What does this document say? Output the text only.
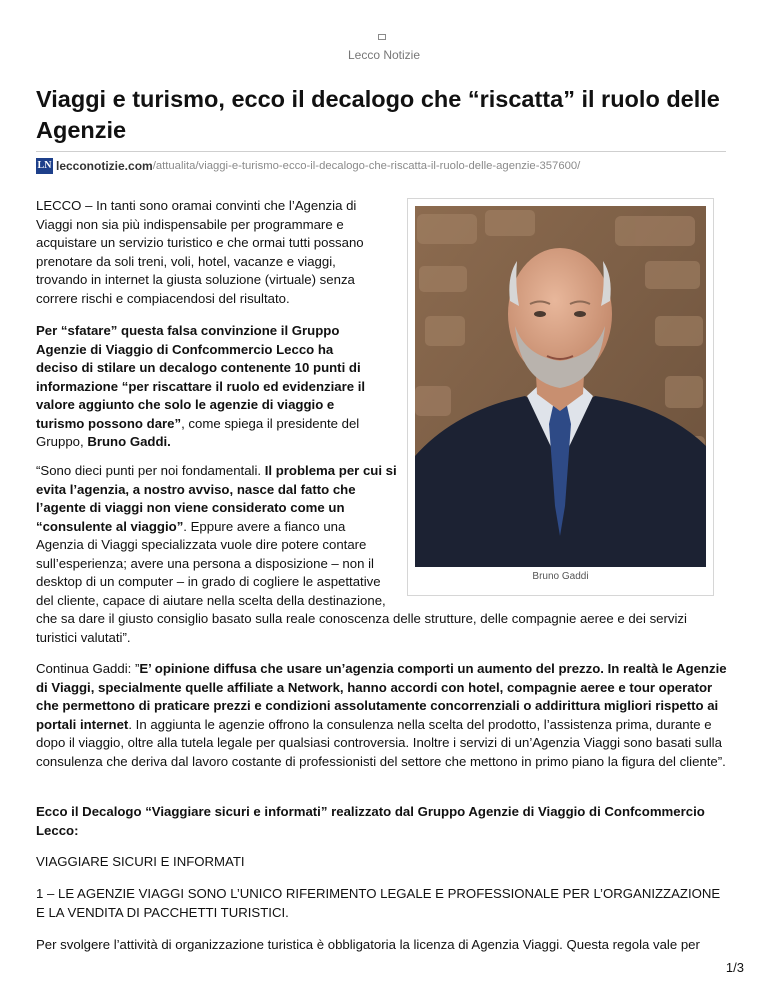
Lecco Notizie
Viaggi e turismo, ecco il decalogo che “riscatta” il ruolo delle Agenzie
LN lecconotizie.com/attualita/viaggi-e-turismo-ecco-il-decalogo-che-riscatta-il-ruolo-delle-agenzie-357600/
Bruno Gaddi

LECCO – In tanti sono oramai convinti che l’Agenzia di Viaggi non sia più indispensabile per programmare e acquistare un servizio turistico e che ormai tutti possano prenotare da soli treni, voli, hotel, vacanze e viaggi, trovando in internet la giusta soluzione (virtuale) senza correre rischi e compiacendosi del risultato.

Per “sfatare” questa falsa convinzione il Gruppo Agenzie di Viaggio di Confcommercio Lecco ha deciso di stilare un decalogo contenente 10 punti di informazione “per riscattare il ruolo ed evidenziare il valore aggiunto che solo le agenzie di viaggio e turismo possono dare”, come spiega il presidente del Gruppo, Bruno Gaddi.

“Sono dieci punti per noi fondamentali. Il problema per cui si evita l’agenzia, a nostro avviso, nasce dal fatto che l’agente di viaggi non viene considerato come un “consulente al viaggio”. Eppure avere a fianco una
Agenzia di Viaggi specializzata vuole dire potere contare
sull’esperienza; avere una persona a disposizione – non il
desktop di un computer – in grado di cogliere le aspettative
del cliente, capace di aiutare nella scelta della destinazione,
che sa dare il giusto consiglio basato sulla reale conoscenza delle strutture, delle compagnie aeree e dei servizi turistici valutati”.

Continua Gaddi: ”E’ opinione diffusa che usare un’agenzia comporti un aumento del prezzo. In realtà le Agenzie di Viaggi, specialmente quelle affiliate a Network, hanno accordi con hotel, compagnie aeree e tour operator che permettono di praticare prezzi e condizioni assolutamente concorrenziali o addirittura migliori rispetto ai portali internet. In aggiunta le agenzie offrono la consulenza nella scelta del prodotto, l’assistenza prima, durante e dopo il viaggio, oltre alla tutela legale per qualsiasi controversia. Inoltre i servizi di un’Agenzia Viaggi sono basati sulla consulenza che deriva dal lavoro costante di professionisti del settore che mettono in primo piano la figura del cliente”.

Ecco il Decalogo “Viaggiare sicuri e informati” realizzato dal Gruppo Agenzie di Viaggio di Confcommercio Lecco:

VIAGGIARE SICURI E INFORMATI

1 – LE AGENZIE VIAGGI SONO L’UNICO RIFERIMENTO LEGALE E PROFESSIONALE PER L’ORGANIZZAZIONE E LA VENDITA DI PACCHETTI TURISTICI.

Per svolgere l’attività di organizzazione turistica è obbligatoria la licenza di Agenzia Viaggi. Questa regola vale per

1/3
